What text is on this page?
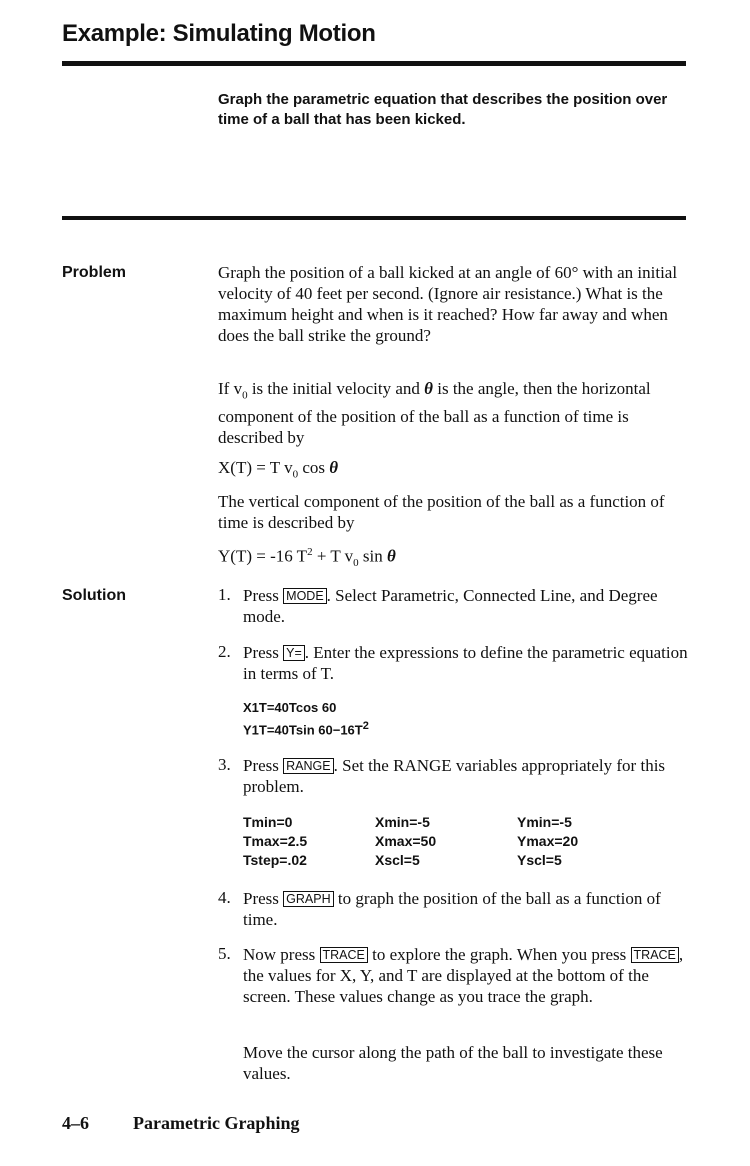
Example: Simulating Motion
Graph the parametric equation that describes the position over time of a ball that has been kicked.
Problem	Graph the position of a ball kicked at an angle of 60° with an initial velocity of 40 feet per second. (Ignore air resistance.) What is the maximum height and when is it reached? How far away and when does the ball strike the ground?
If $v_0$ is the initial velocity and θ is the angle, then the horizontal component of the position of the ball as a function of time is described by
X(T) = T $v_0$ cos θ
The vertical component of the position of the ball as a function of time is described by
Y(T) = -16 $T^2 + T$ $v_0$ sin θ
Solution	1. Press MODE . Select Parametric, Connected Line, and Degree mode.
2. Press Y= . Enter the expressions to define the parametric equation in terms of T.
X1T=40Tcos 60
Y1T=40Tsin $60-16T^2$
3. Press RANGE . Set the RANGE variables appropriately for this problem.
Tmin=0
Tmax=2.5
Tstep=.02
Xmin=-5
Xmax=50
Xscl=5
Ymin=-5
Ymax=20
Yscl=5
4. Press GRAPH to graph the position of the ball as a function of time.
5. Now press TRACE to explore the graph. When you press TRACE , the values for X, Y, and T are displayed at the bottom of the screen. These values change as you trace the graph.
Move the cursor along the path of the ball to investigate these values.
4–6 Parametric Graphing
